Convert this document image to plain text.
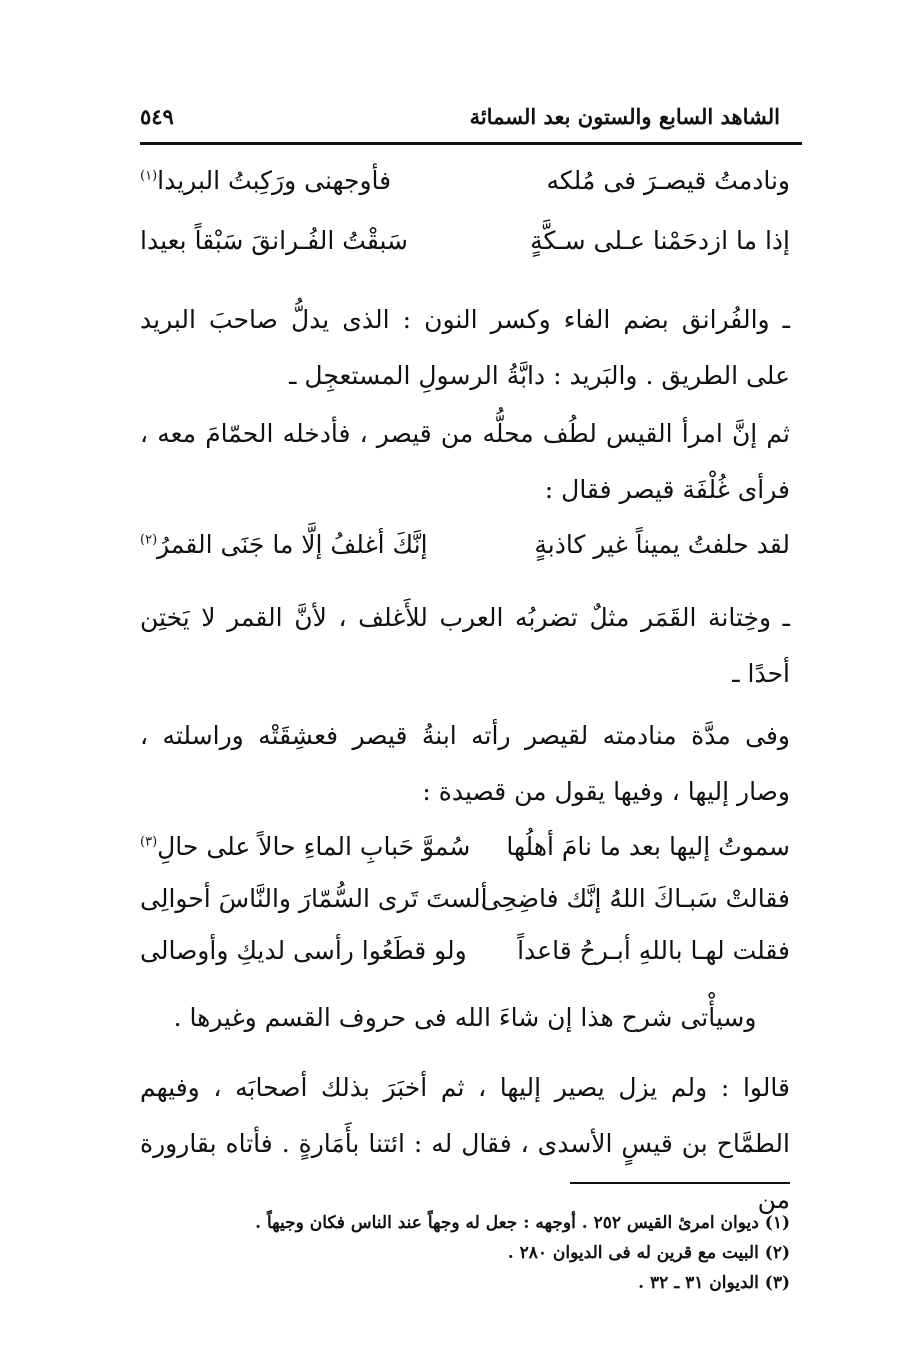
الشاهد السابع والستون بعد السمائة
٥٤٩
ونادمتُ قيصـرَ فى مُلكه
فأوجهنى ورَكِبتُ البريدا$^{(١)}$
إذا ما ازدحَمْنا عـلى سـكَّةٍ
سَبقْتُ الفُـرانقَ سَبْقاً بعيدا
ـ والفُرانق بضم الفاء وكسر النون : الذى يدلُّ صاحبَ البريد على الطريق . والبَريد : دابَّةُ الرسولِ المستعجِل ـ
ثم إنَّ امرأ القيس لطُف محلُّه من قيصر ، فأدخله الحمّامَ معه ، فرأى غُلْفَة قيصر فقال :
لقد حلفتُ يميناً غير كاذبةٍ
إنَّكَ أغلفُ إلَّا ما جَنَى القمرُ$^{(٢)}$
ـ وخِتانة القَمَر مثلٌ تضربُه العرب للأَغلف ، لأنَّ القمر لا يَختِن أحدًا ـ
وفى مدَّة منادمته لقيصر رأته ابنةُ قيصر فعشِقَتْه وراسلته ، وصار إليها ، وفيها يقول من قصيدة :
سموتُ إليها بعد ما نامَ أهلُها
سُموَّ حَبابِ الماءِ حالاً على حالِ$^{(٣)}$
فقالتْ سَبـاكَ اللهُ إنَّك فاضِحِى
ألستَ تَرى السُّمّارَ والنَّاسَ أحوالِى
فقلت لهـا باللهِ أبـرحُ قاعداً
ولو قطَعُوا رأسى لديكِ وأوصالى
وسيأْتى شرح هذا إن شاءَ الله فى حروف القسم وغيرها .
قالوا : ولم يزل يصير إليها ، ثم أخبَرَ بذلك أصحابَه ، وفيهم الطمَّاح بن قيسٍ الأسدى ، فقال له : ائتنا بأَمَارةٍ . فأتاه بقارورة من
(١) ديوان امرئ القيس ٢٥٢ . أوجهه : جعل له وجهاً عند الناس فكان وجيهاً .
(٢) البيت مع قرين له فى الديوان ٢٨٠ .
(٣) الديوان ٣١ ـ ٣٢ .
